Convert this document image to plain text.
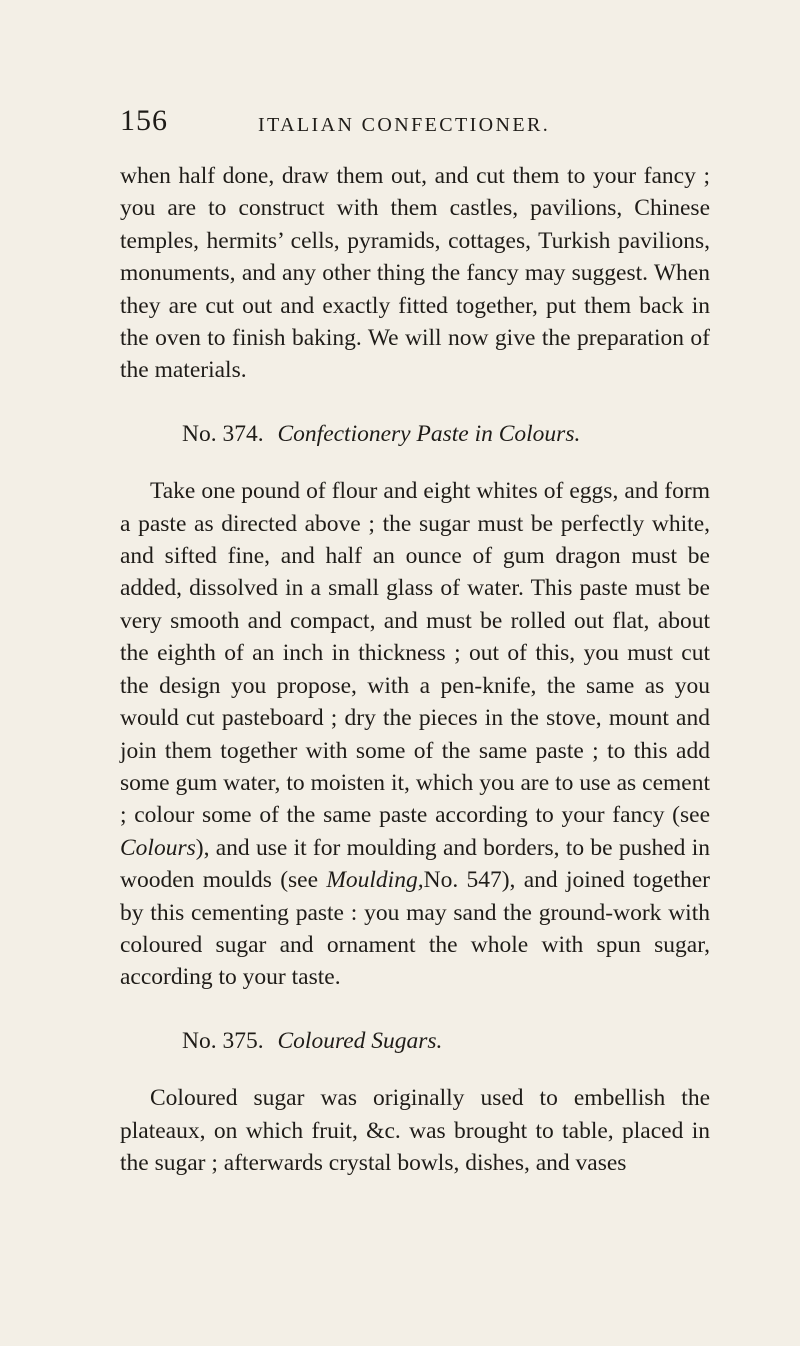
156	ITALIAN CONFECTIONER.

when half done, draw them out, and cut them to your fancy ; you are to construct with them castles, pavilions, Chinese temples, hermits’ cells, pyramids, cottages, Turkish pavilions, monuments, and any other thing the fancy may suggest. When they are cut out and exactly fitted together, put them back in the oven to finish baking. We will now give the preparation of the materials.

No. 374. Confectionery Paste in Colours.

Take one pound of flour and eight whites of eggs, and form a paste as directed above ; the sugar must be perfectly white, and sifted fine, and half an ounce of gum dragon must be added, dissolved in a small glass of water. This paste must be very smooth and compact, and must be rolled out flat, about the eighth of an inch in thickness ; out of this, you must cut the design you propose, with a pen-knife, the same as you would cut pasteboard ; dry the pieces in the stove, mount and join them together with some of the same paste ; to this add some gum water, to moisten it, which you are to use as cement ; colour some of the same paste according to your fancy (see Colours), and use it for moulding and borders, to be pushed in wooden moulds (see Moulding,No. 547), and joined together by this cementing paste : you may sand the ground-work with coloured sugar and ornament the whole with spun sugar, according to your taste.

No. 375. Coloured Sugars.

Coloured sugar was originally used to embellish the plateaux, on which fruit, &c. was brought to table, placed in the sugar ; afterwards crystal bowls, dishes, and vases
